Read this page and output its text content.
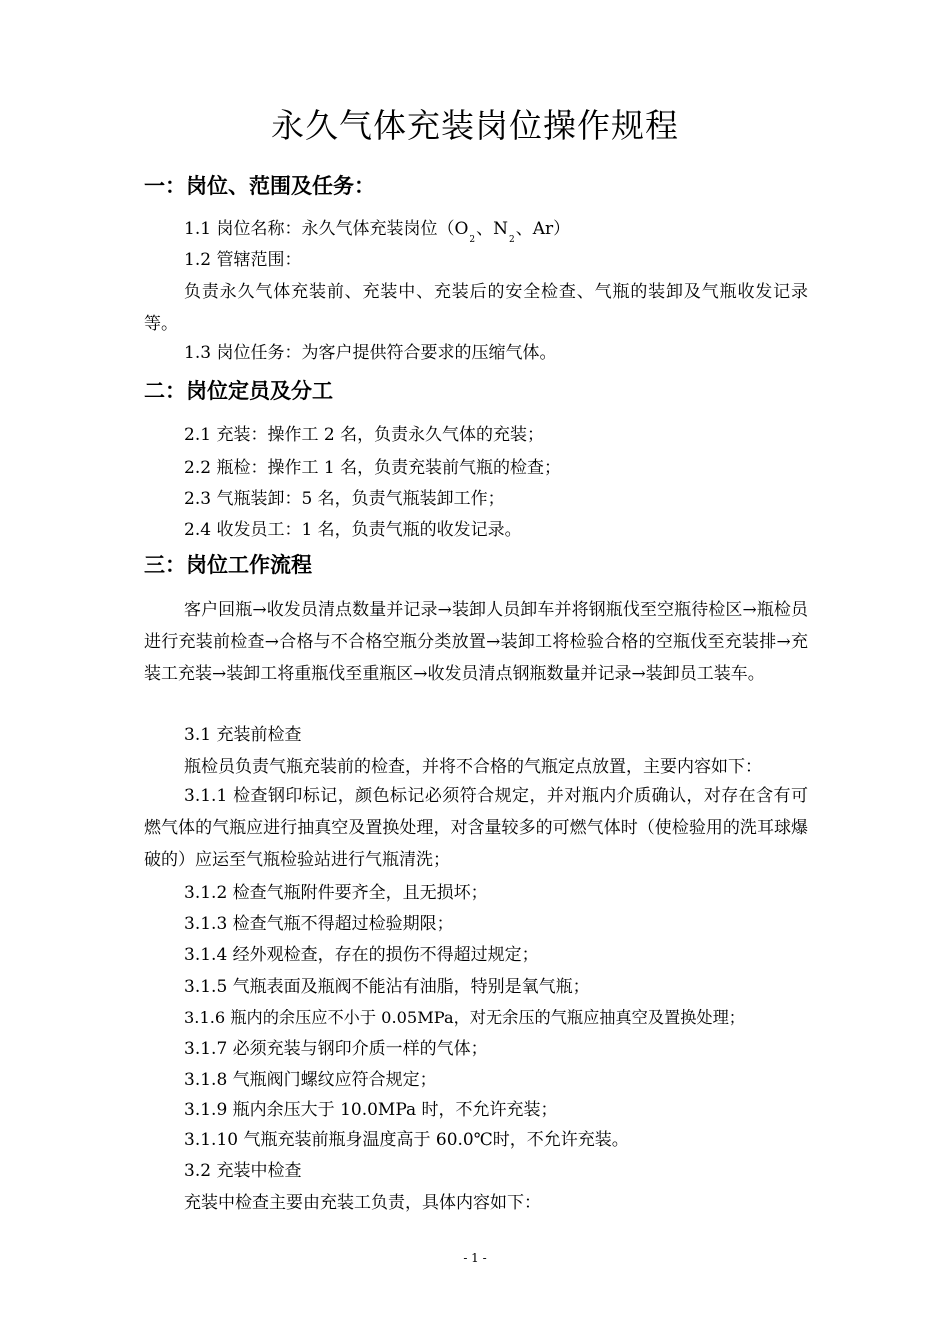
永久气体充装岗位操作规程
一：岗位、范围及任务：

1.1 岗位名称：永久气体充装岗位（$O_2$、$N_2$、Ar）

1.2 管辖范围：

负责永久气体充装前、充装中、充装后的安全检查、气瓶的装卸及气瓶收发记录等。

1.3 岗位任务：为客户提供符合要求的压缩气体。

二：岗位定员及分工

2.1 充装：操作工 2 名，负责永久气体的充装；

2.2 瓶检：操作工 1 名，负责充装前气瓶的检查；

2.3 气瓶装卸：5 名，负责气瓶装卸工作；

2.4 收发员工：1 名，负责气瓶的收发记录。

三：岗位工作流程

客户回瓶→收发员清点数量并记录→装卸人员卸车并将钢瓶伐至空瓶待检区→瓶检员进行充装前检查→合格与不合格空瓶分类放置→装卸工将检验合格的空瓶伐至充装排→充装工充装→装卸工将重瓶伐至重瓶区→收发员清点钢瓶数量并记录→装卸员工装车。

3.1 充装前检查

瓶检员负责气瓶充装前的检查，并将不合格的气瓶定点放置，主要内容如下：

3.1.1 检查钢印标记，颜色标记必须符合规定，并对瓶内介质确认，对存在含有可燃气体的气瓶应进行抽真空及置换处理，对含量较多的可燃气体时（使检验用的洗耳球爆破的）应运至气瓶检验站进行气瓶清洗；

3.1.2 检查气瓶附件要齐全，且无损坏；

3.1.3 检查气瓶不得超过检验期限；

3.1.4 经外观检查，存在的损伤不得超过规定；

3.1.5 气瓶表面及瓶阀不能沾有油脂，特别是氧气瓶；

3.1.6 瓶内的余压应不小于 0.05MPa，对无余压的气瓶应抽真空及置换处理；

3.1.7 必须充装与钢印介质一样的气体；

3.1.8 气瓶阀门螺纹应符合规定；

3.1.9 瓶内余压大于 10.0MPa 时，不允许充装；

3.1.10 气瓶充装前瓶身温度高于 60.0℃时，不允许充装。

3.2 充装中检查

充装中检查主要由充装工负责，具体内容如下：

- 1 -
